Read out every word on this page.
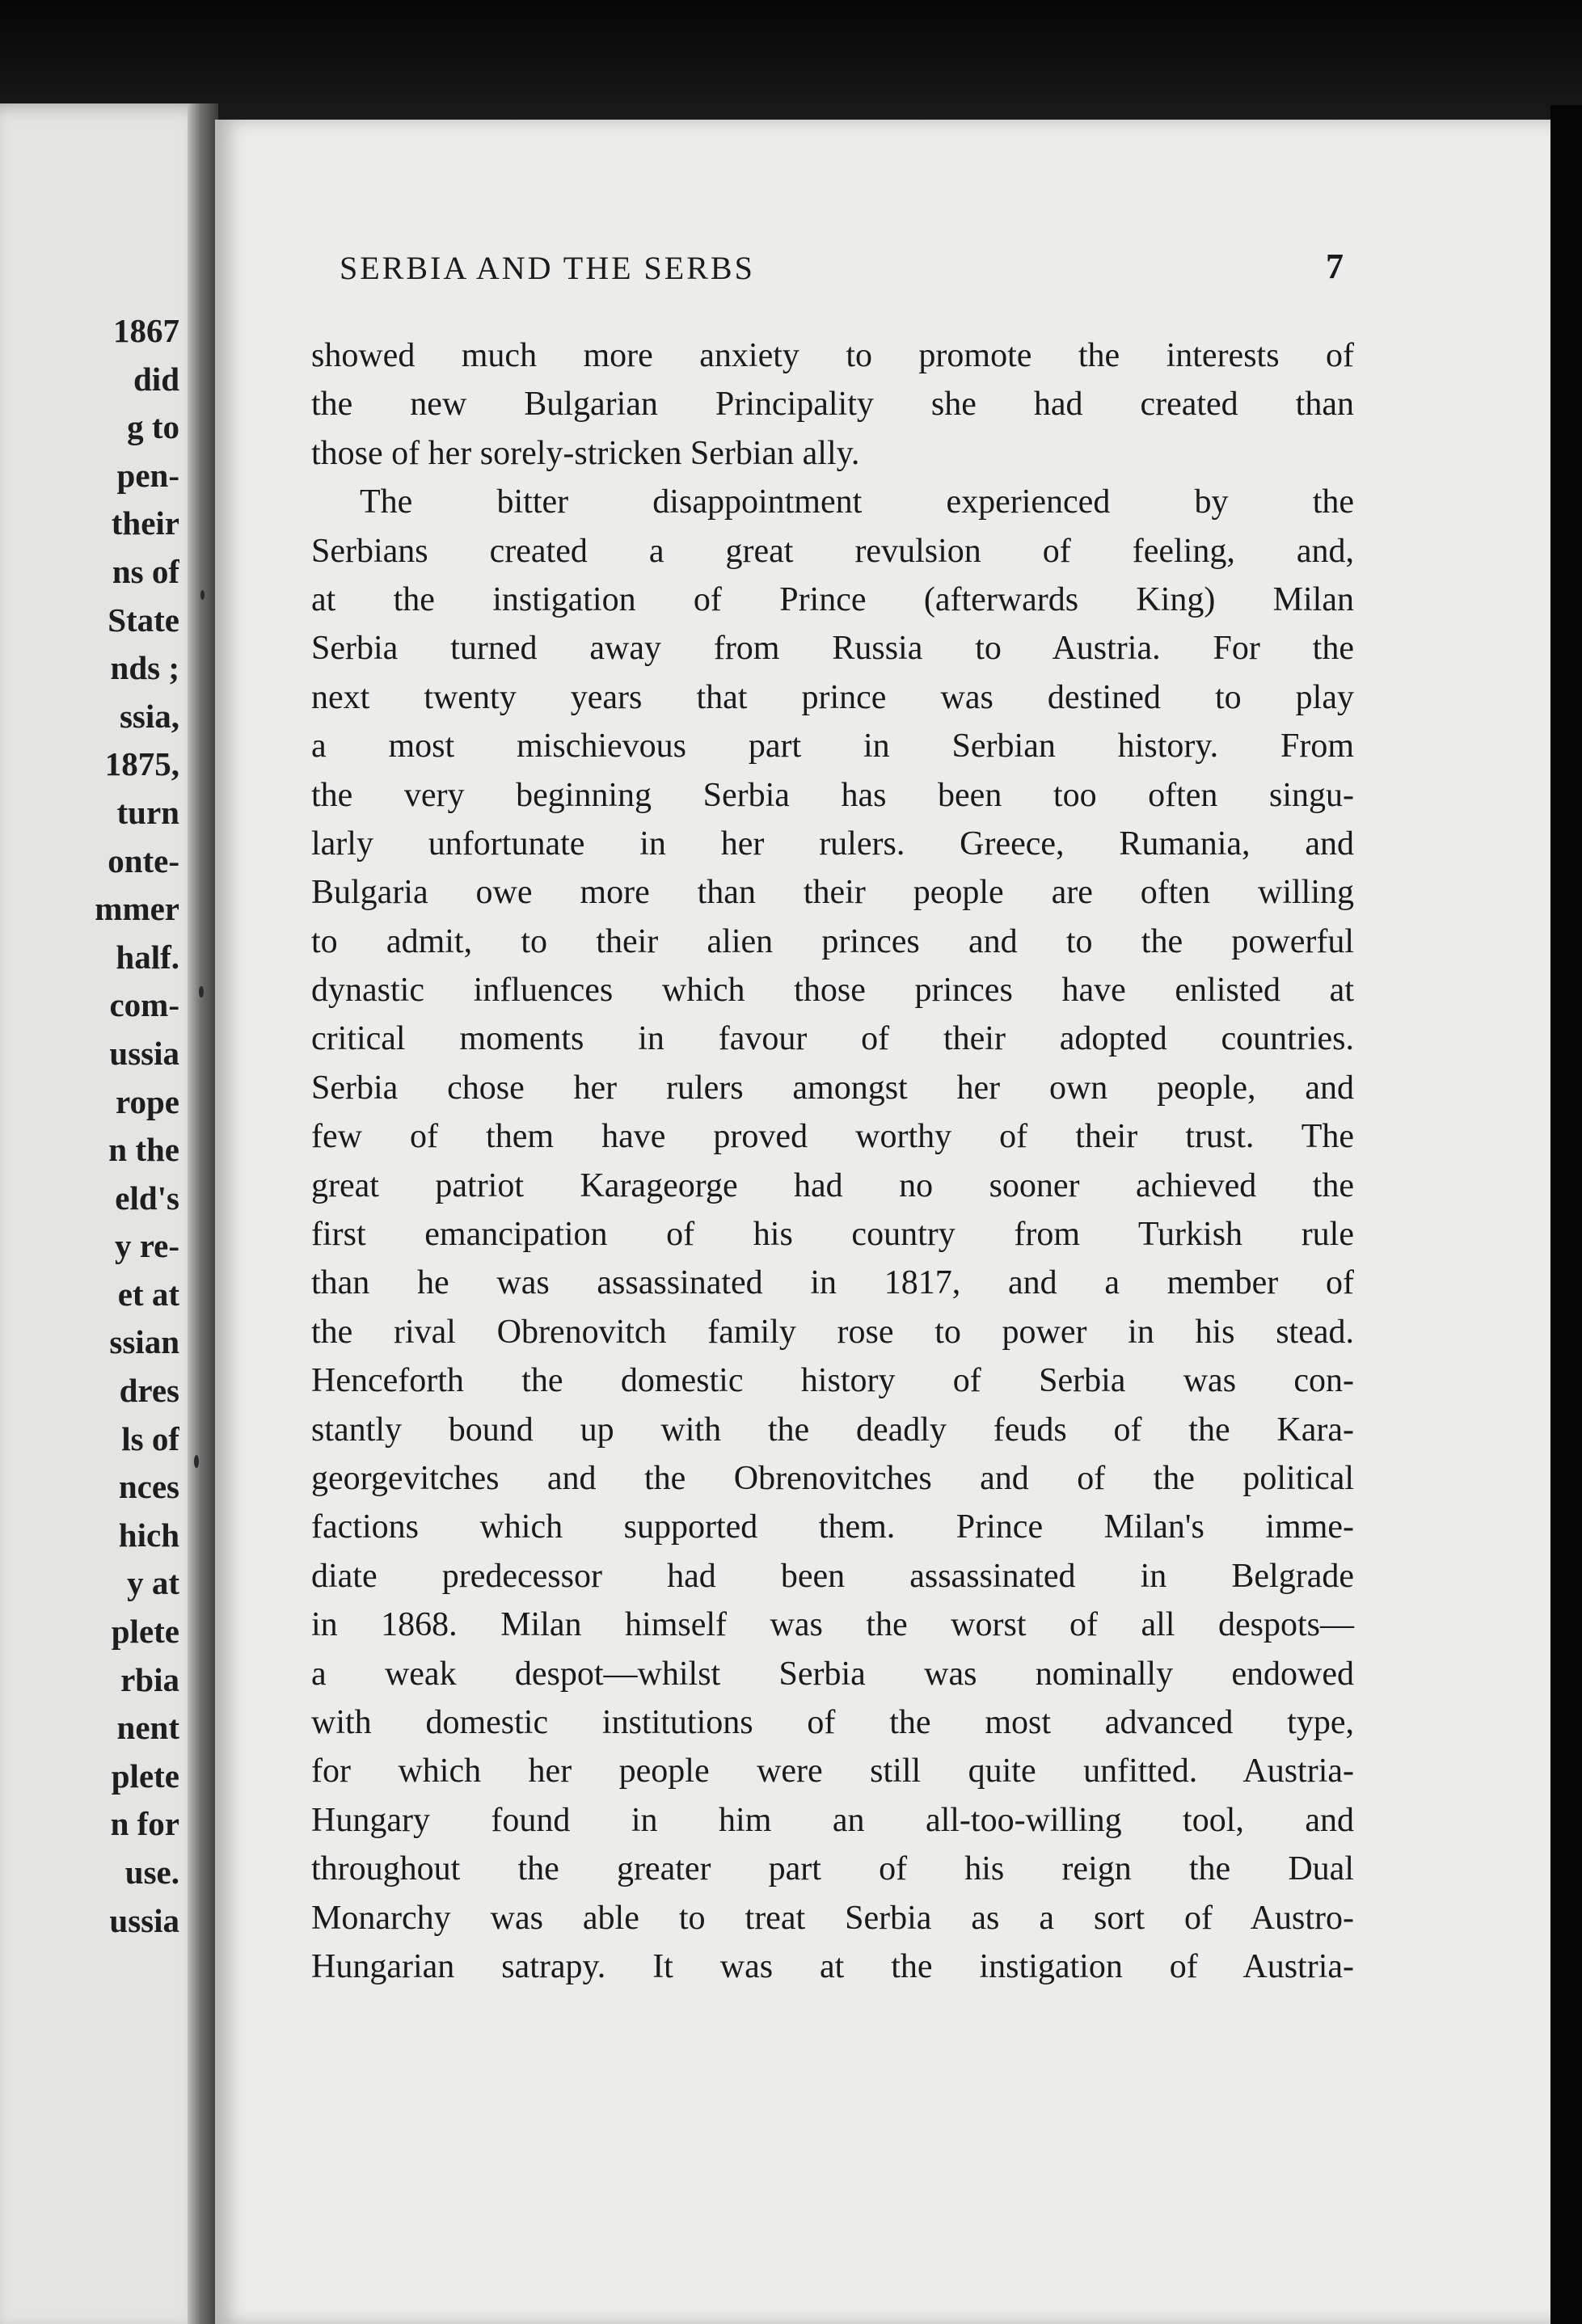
1867
did
g to
pen-
their
ns of
State
nds ;
ssia,
1875,
turn
onte-
mmer
half.
com-
ussia
rope
n the
eld's
y re-
et at
ssian
dres
ls of
nces
hich
y at
plete
rbia
nent
plete
n for
use.
ussia
SERBIA AND THE SERBS	7
showed much more anxiety to promote the interests of
the new Bulgarian Principality she had created than
those of her sorely-stricken Serbian ally.
The bitter disappointment experienced by the
Serbians created a great revulsion of feeling, and,
at the instigation of Prince (afterwards King) Milan
Serbia turned away from Russia to Austria. For the
next twenty years that prince was destined to play
a most mischievous part in Serbian history. From
the very beginning Serbia has been too often singu-
larly unfortunate in her rulers. Greece, Rumania, and
Bulgaria owe more than their people are often willing
to admit, to their alien princes and to the powerful
dynastic influences which those princes have enlisted at
critical moments in favour of their adopted countries.
Serbia chose her rulers amongst her own people, and
few of them have proved worthy of their trust. The
great patriot Karageorge had no sooner achieved the
first emancipation of his country from Turkish rule
than he was assassinated in 1817, and a member of
the rival Obrenovitch family rose to power in his stead.
Henceforth the domestic history of Serbia was con-
stantly bound up with the deadly feuds of the Kara-
georgevitches and the Obrenovitches and of the political
factions which supported them. Prince Milan's imme-
diate predecessor had been assassinated in Belgrade
in 1868. Milan himself was the worst of all despots—
a weak despot—whilst Serbia was nominally endowed
with domestic institutions of the most advanced type,
for which her people were still quite unfitted. Austria-
Hungary found in him an all-too-willing tool, and
throughout the greater part of his reign the Dual
Monarchy was able to treat Serbia as a sort of Austro-
Hungarian satrapy. It was at the instigation of Austria-
